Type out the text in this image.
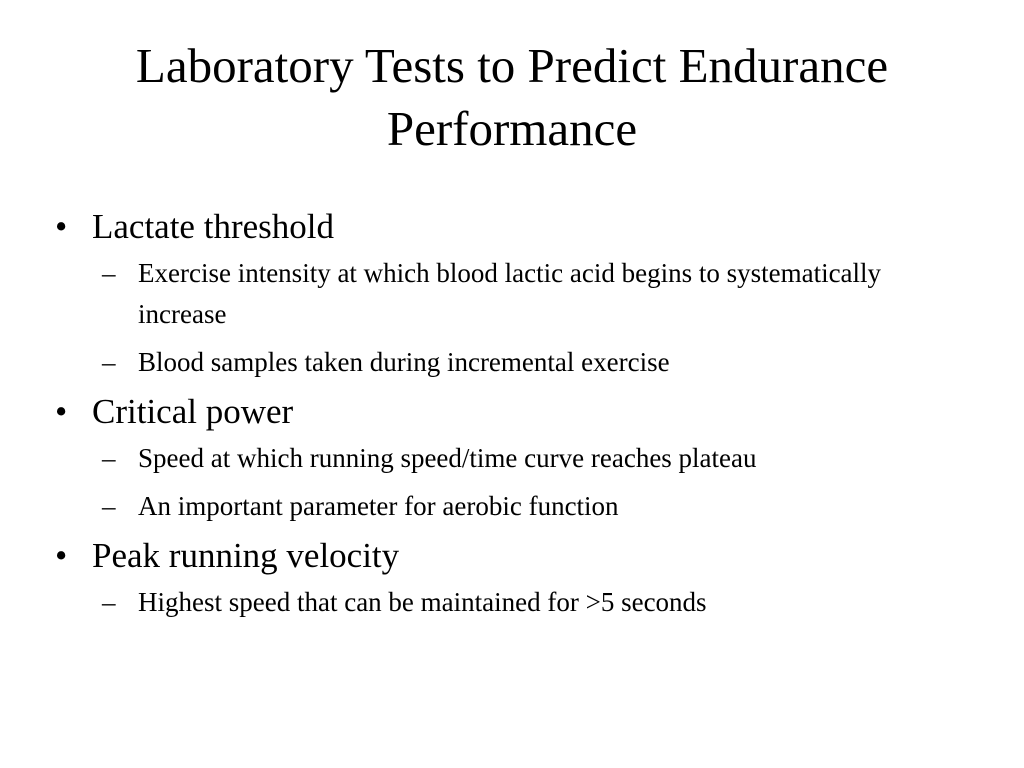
Laboratory Tests to Predict Endurance Performance
• Lactate threshold
– Exercise intensity at which blood lactic acid begins to systematically increase
– Blood samples taken during incremental exercise
• Critical power
– Speed at which running speed/time curve reaches plateau
– An important parameter for aerobic function
• Peak running velocity
– Highest speed that can be maintained for >5 seconds
